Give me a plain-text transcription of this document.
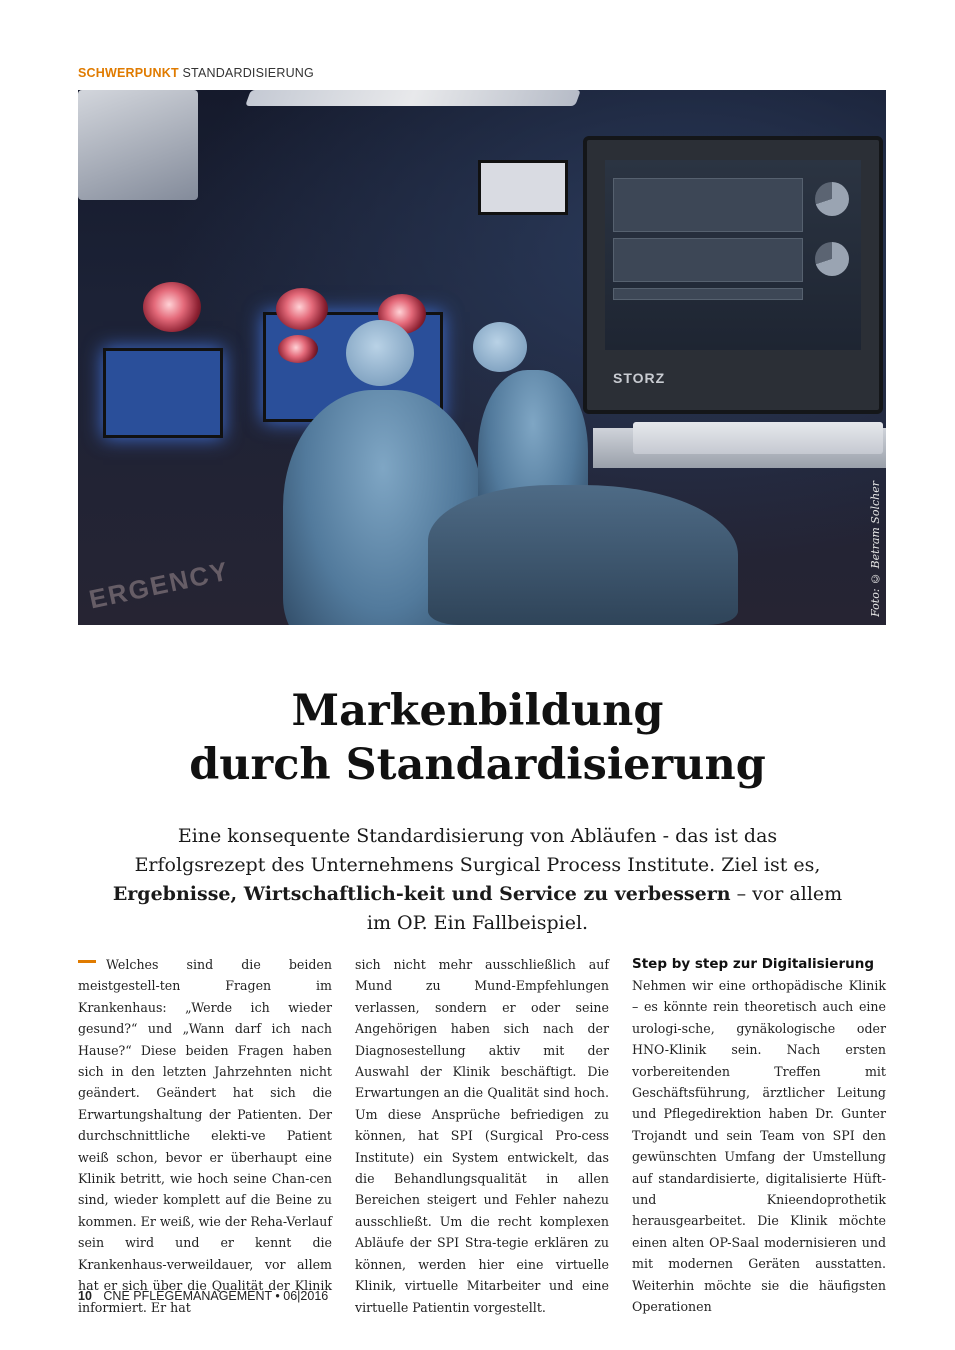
SCHWERPUNKT STANDARDISIERUNG
ERGENCY
STORZ
Foto: © Betram Solcher
Markenbildung
durch Standardisierung
Eine konsequente Standardisierung von Abläufen - das ist das Erfolgsrezept des Unternehmens Surgical Process Institute. Ziel ist es, Ergebnisse, Wirtschaftlich-keit und Service zu verbessern – vor allem im OP. Ein Fallbeispiel.
Welches sind die beiden meistgestell-ten Fragen im Krankenhaus: „Werde ich wieder gesund?“ und „Wann darf ich nach Hause?“ Diese beiden Fragen haben sich in den letzten Jahrzehnten nicht geändert. Geändert hat sich die Erwartungshaltung der Patienten. Der durchschnittliche elekti-ve Patient weiß schon, bevor er überhaupt eine Klinik betritt, wie hoch seine Chan-cen sind, wieder komplett auf die Beine zu kommen. Er weiß, wie der Reha-Verlauf sein wird und er kennt die Krankenhaus-verweildauer, vor allem hat er sich über die Qualität der Klinik informiert. Er hat
sich nicht mehr ausschließlich auf Mund zu Mund-Empfehlungen verlassen, sondern er oder seine Angehörigen haben sich nach der Diagnosestellung aktiv mit der Auswahl der Klinik beschäftigt. Die Erwartungen an die Qualität sind hoch. Um diese Ansprüche befriedigen zu können, hat SPI (Surgical Pro-cess Institute) ein System entwickelt, das die Behandlungsqualität in allen Bereichen steigert und Fehler nahezu ausschließt. Um die recht komplexen Abläufe der SPI Stra-tegie erklären zu können, werden hier eine virtuelle Klinik, virtuelle Mitarbeiter und eine virtuelle Patientin vorgestellt.
Step by step zur Digitalisierung
Nehmen wir eine orthopädische Klinik – es könnte rein theoretisch auch eine urologi-sche, gynäkologische oder HNO-Klinik sein. Nach ersten vorbereitenden Treffen mit Geschäftsführung, ärztlicher Leitung und Pflegedirektion haben Dr. Gunter Trojandt und sein Team von SPI den gewünschten Umfang der Umstellung auf standardisierte, digitalisierte Hüft- und Knieendoprothetik herausgearbeitet. Die Klinik möchte einen alten OP-Saal modernisieren und mit modernen Geräten ausstatten. Weiterhin möchte sie die häufigsten Operationen
10 CNE PFLEGEMANAGEMENT • 06|2016
